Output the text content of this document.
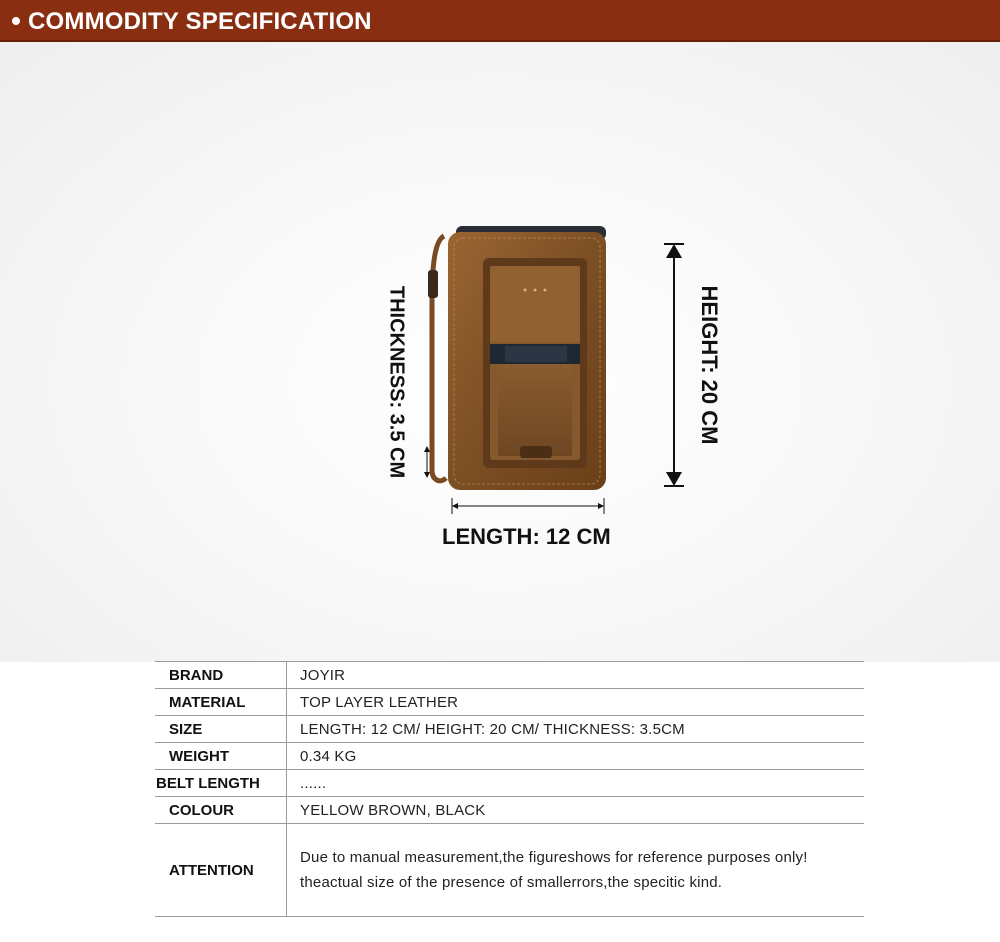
COMMODITY SPECIFICATION
THICKNESS: 3.5 CM	HEIGHT: 20 CM
LENGTH: 12 CM
BRAND	JOYIR
MATERIAL	TOP LAYER LEATHER
SIZE	LENGTH: 12 CM/ HEIGHT: 20 CM/ THICKNESS: 3.5CM
WEIGHT	0.34 KG
BELT LENGTH	......
COLOUR	YELLOW BROWN, BLACK
ATTENTION	Due to manual measurement,the figureshows for reference purposes only!
theactual size of the presence of smallerrors,the specitic kind.
